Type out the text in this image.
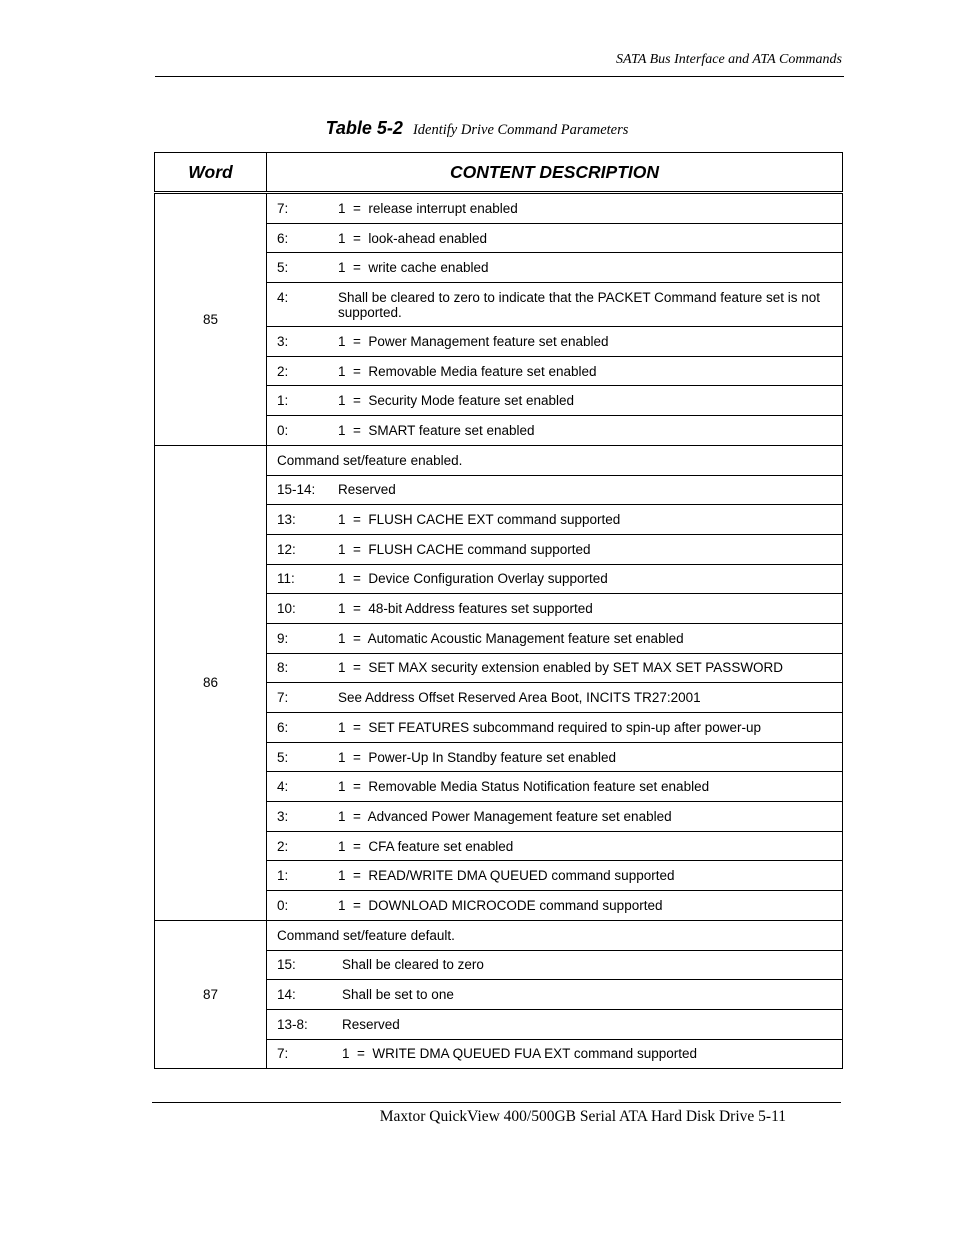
SATA Bus Interface and ATA Commands
Table 5-2 Identify Drive Command Parameters
Word	CONTENT DESCRIPTION
85	7: 1  =  release interrupt enabled

	6: 1  =  look-ahead enabled

	5: 1  =  write cache enabled

	4: Shall be cleared to zero to indicate that the PACKET Command feature set is not supported.

	3: 1  =  Power Management feature set enabled

	2: 1  =  Removable Media feature set enabled

	1: 1  =  Security Mode feature set enabled

	0: 1  =  SMART feature set enabled

86	Command set/feature enabled.

	15-14: Reserved

	13: 1  =  FLUSH CACHE EXT command supported

	12: 1  =  FLUSH CACHE command supported

	11: 1  =  Device Configuration Overlay supported

	10: 1  =  48-bit Address features set supported

	9: 1  =  Automatic Acoustic Management feature set enabled

	8: 1  =  SET MAX security extension enabled by SET MAX SET PASSWORD

	7: See Address Offset Reserved Area Boot, INCITS TR27:2001

	6: 1  =  SET FEATURES subcommand required to spin-up after power-up

	5: 1  =  Power-Up In Standby feature set enabled

	4: 1  =  Removable Media Status Notification feature set enabled

	3: 1  =  Advanced Power Management feature set enabled

	2: 1  =  CFA feature set enabled

	1: 1  =  READ/WRITE DMA QUEUED command supported

	0: 1  =  DOWNLOAD MICROCODE command supported

87	Command set/feature default.

	15: Shall be cleared to zero

	14: Shall be set to one

	13-8: Reserved

	7: 1  =  WRITE DMA QUEUED FUA EXT command supported
Maxtor QuickView 400/500GB Serial ATA Hard Disk Drive 5-11
